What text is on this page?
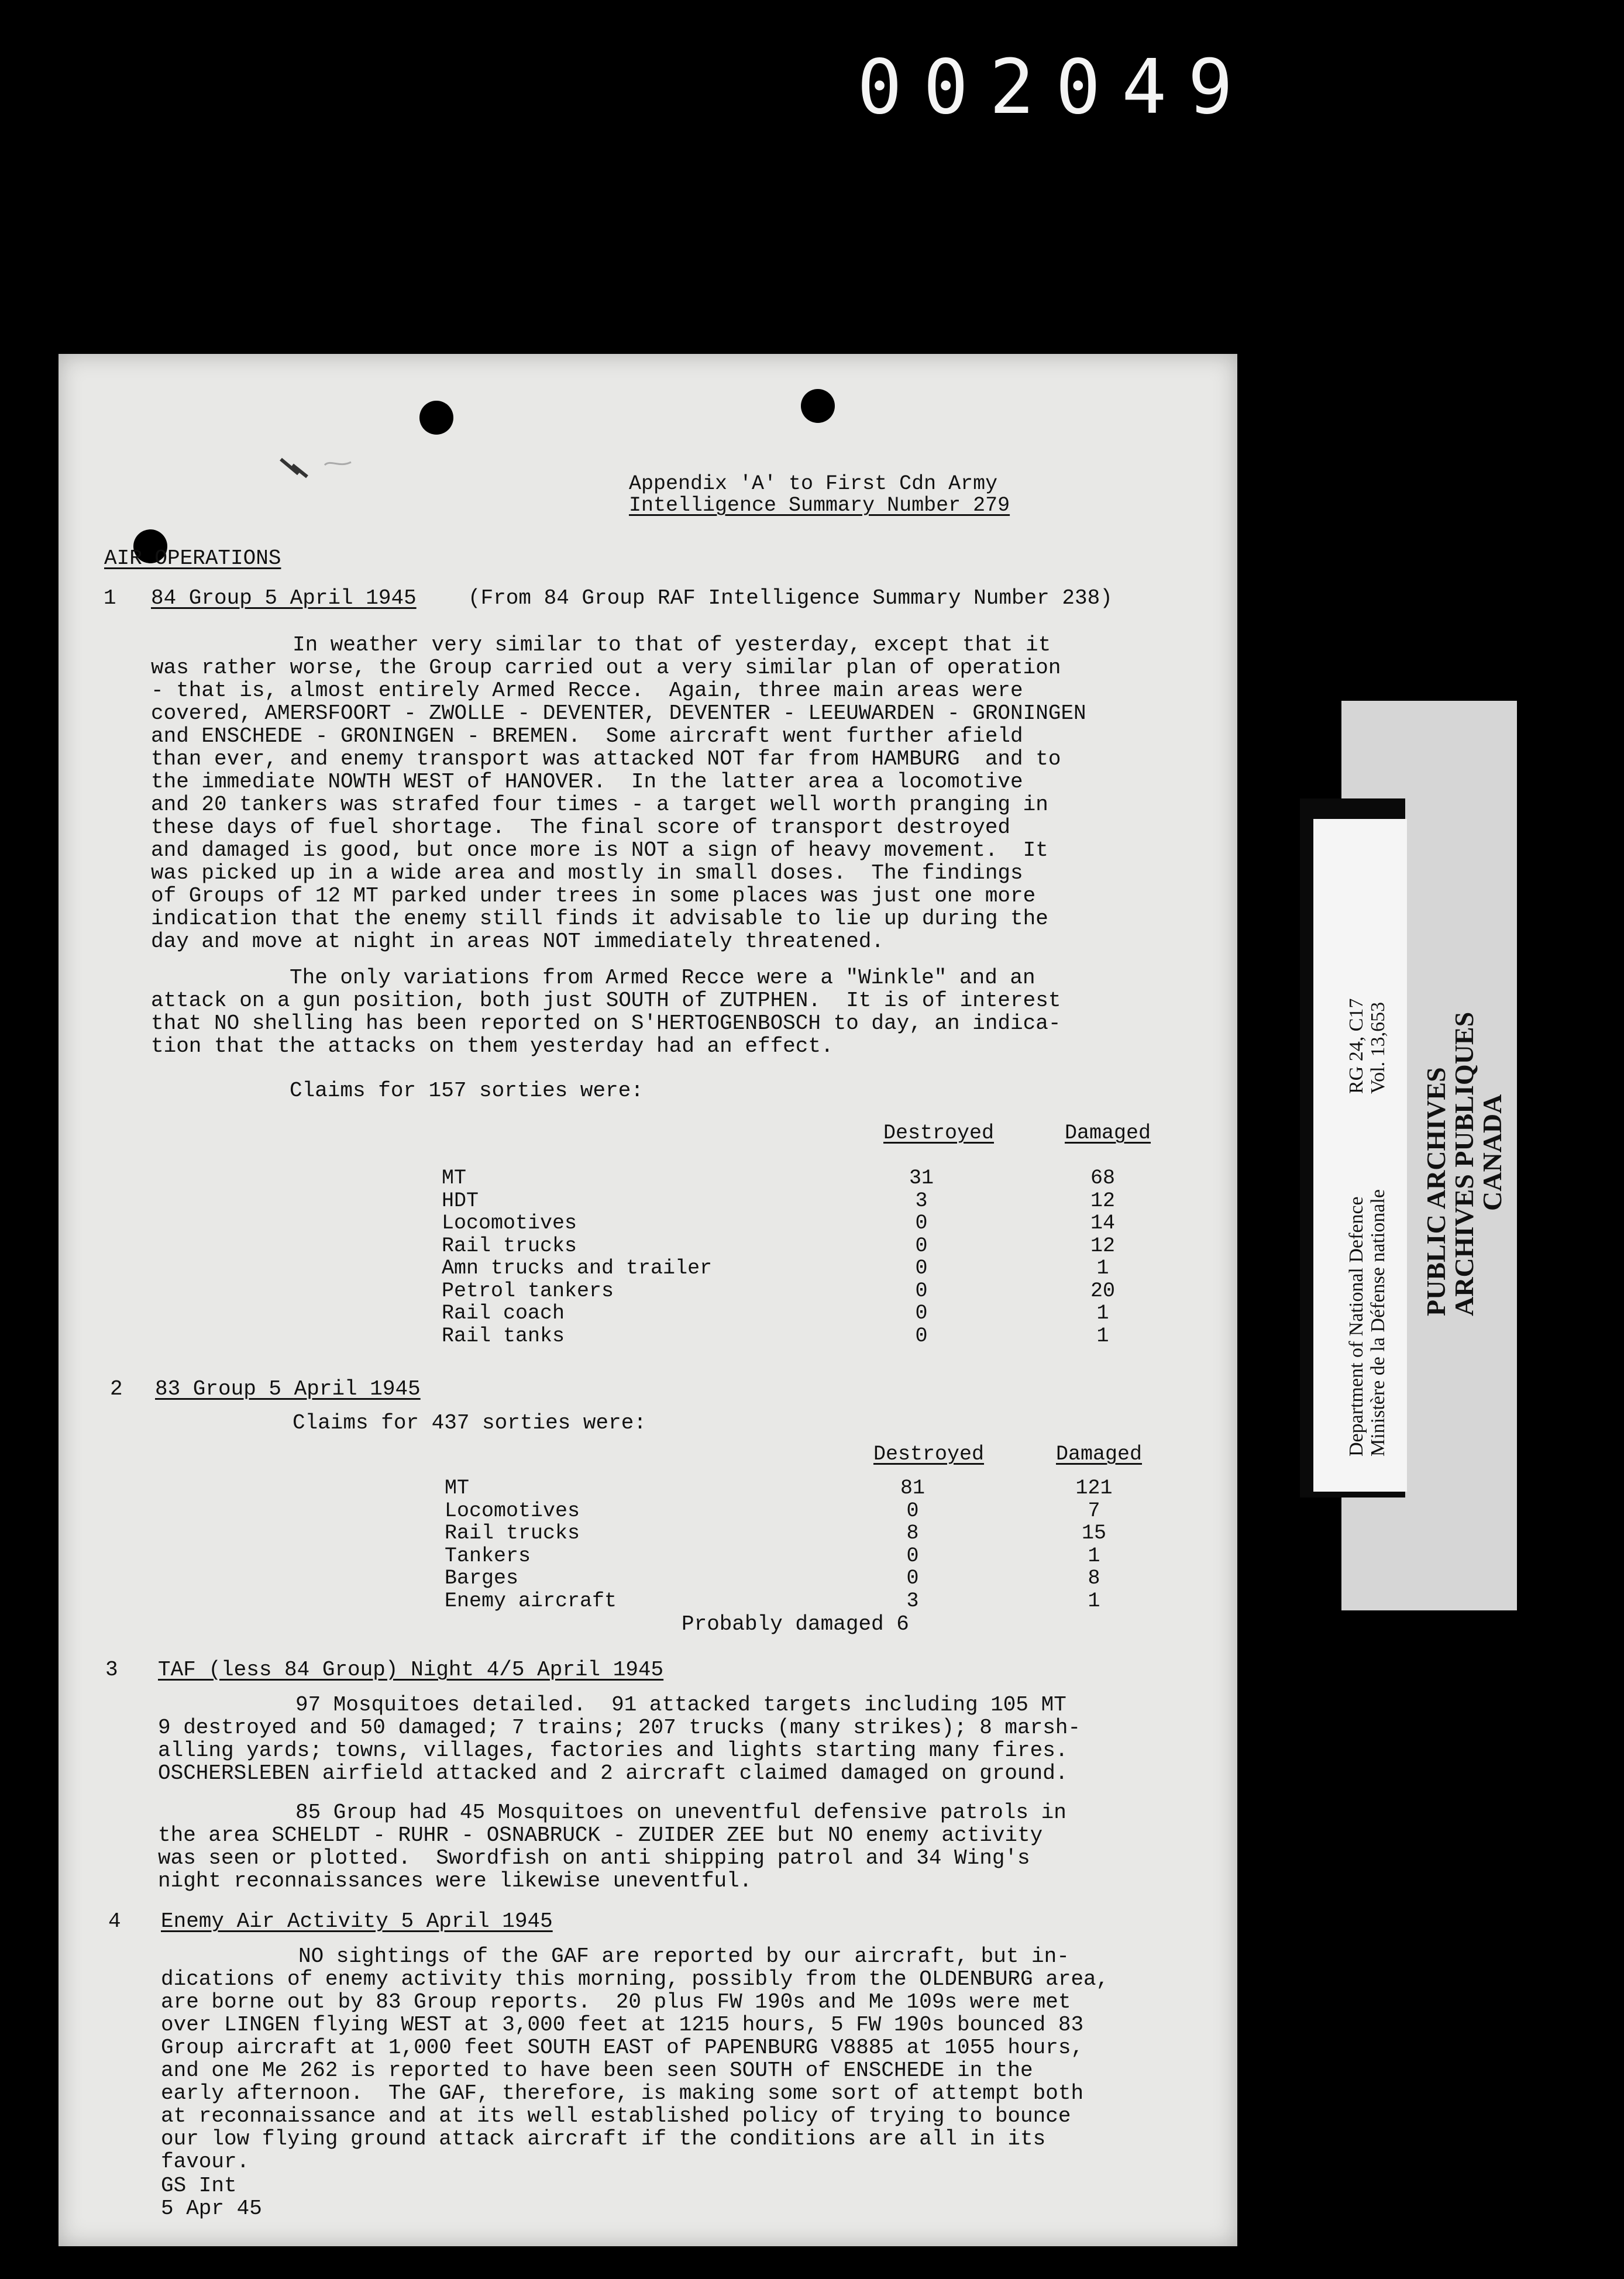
002049
Appendix 'A' to First Cdn Army
Intelligence Summary Number 279
AIR OPERATIONS
1 84 Group 5 April 1945 (From 84 Group RAF Intelligence Summary Number 238)
In weather very similar to that of yesterday, except that it
was rather worse, the Group carried out a very similar plan of operation
- that is, almost entirely Armed Recce.  Again, three main areas were
covered, AMERSFOORT - ZWOLLE - DEVENTER, DEVENTER - LEEUWARDEN - GRONINGEN
and ENSCHEDE - GRONINGEN - BREMEN.  Some aircraft went further afield
than ever, and enemy transport was attacked NOT far from HAMBURG  and to
the immediate NOWTH WEST of HANOVER.  In the latter area a locomotive
and 20 tankers was strafed four times - a target well worth pranging in
these days of fuel shortage.  The final score of transport destroyed
and damaged is good, but once more is NOT a sign of heavy movement.  It
was picked up in a wide area and mostly in small doses.  The findings
of Groups of 12 MT parked under trees in some places was just one more
indication that the enemy still finds it advisable to lie up during the
day and move at night in areas NOT immediately threatened.
The only variations from Armed Recce were a "Winkle" and an
attack on a gun position, both just SOUTH of ZUTPHEN.  It is of interest
that NO shelling has been reported on S'HERTOGENBOSCH to day, an indica-
tion that the attacks on them yesterday had an effect.
Claims for 157 sorties were:
Destroyed	Damaged
MT	31	68
HDT	3	12
Locomotives	0	14
Rail trucks	0	12
Amn trucks and trailer	0	1
Petrol tankers	0	20
Rail coach	0	1
Rail tanks	0	1
2 83 Group 5 April 1945
Claims for 437 sorties were:
Destroyed	Damaged
MT	81	121
Locomotives	0	7
Rail trucks	8	15
Tankers	0	1
Barges	0	8
Enemy aircraft	3	1
Probably damaged 6
3 TAF (less 84 Group) Night 4/5 April 1945
97 Mosquitoes detailed.  91 attacked targets including 105 MT
9 destroyed and 50 damaged; 7 trains; 207 trucks (many strikes); 8 marsh-
alling yards; towns, villages, factories and lights starting many fires.
OSCHERSLEBEN airfield attacked and 2 aircraft claimed damaged on ground.
85 Group had 45 Mosquitoes on uneventful defensive patrols in
the area SCHELDT - RUHR - OSNABRUCK - ZUIDER ZEE but NO enemy activity
was seen or plotted.  Swordfish on anti shipping patrol and 34 Wing's
night reconnaissances were likewise uneventful.
4 Enemy Air Activity 5 April 1945
NO sightings of the GAF are reported by our aircraft, but in-
dications of enemy activity this morning, possibly from the OLDENBURG area,
are borne out by 83 Group reports.  20 plus FW 190s and Me 109s were met
over LINGEN flying WEST at 3,000 feet at 1215 hours, 5 FW 190s bounced 83
Group aircraft at 1,000 feet SOUTH EAST of PAPENBURG V8885 at 1055 hours,
and one Me 262 is reported to have been seen SOUTH of ENSCHEDE in the
early afternoon.  The GAF, therefore, is making some sort of attempt both
at reconnaissance and at its well established policy of trying to bounce
our low flying ground attack aircraft if the conditions are all in its
favour.
GS Int
5 Apr 45
Department of National Defence Ministère de la Défense nationale
RG 24, C17 Vol. 13,653
PUBLIC ARCHIVES
ARCHIVES PUBLIQUES
CANADA
